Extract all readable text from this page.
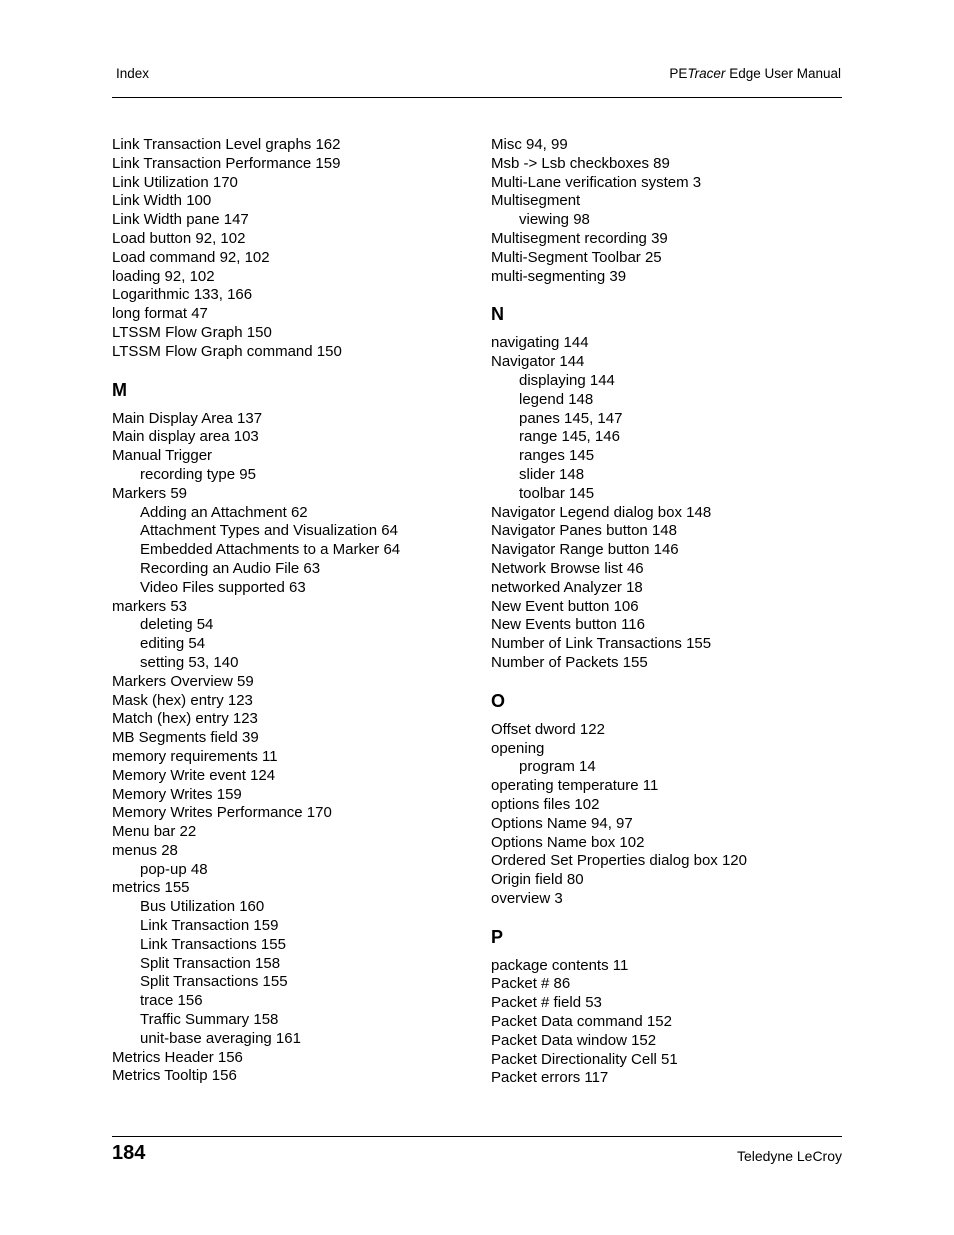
Index	PETracer Edge User Manual
Link Transaction Level graphs 162
Link Transaction Performance 159
Link Utilization 170
Link Width 100
Link Width pane 147
Load button 92, 102
Load command 92, 102
loading 92, 102
Logarithmic 133, 166
long format 47
LTSSM Flow Graph 150
LTSSM Flow Graph command 150
M
Main Display Area 137
Main display area 103
Manual Trigger
recording type 95
Markers 59
Adding an Attachment 62
Attachment Types and Visualization 64
Embedded Attachments to a Marker 64
Recording an Audio File 63
Video Files supported 63
markers 53
deleting 54
editing 54
setting 53, 140
Markers Overview 59
Mask (hex) entry 123
Match (hex) entry 123
MB Segments field 39
memory requirements 11
Memory Write event 124
Memory Writes 159
Memory Writes Performance 170
Menu bar 22
menus 28
pop-up 48
metrics 155
Bus Utilization 160
Link Transaction 159
Link Transactions 155
Split Transaction 158
Split Transactions 155
trace 156
Traffic Summary 158
unit-base averaging 161
Metrics Header 156
Metrics Tooltip 156
Misc 94, 99
Msb -> Lsb checkboxes 89
Multi-Lane verification system 3
Multisegment
viewing 98
Multisegment recording 39
Multi-Segment Toolbar 25
multi-segmenting 39
N
navigating 144
Navigator 144
displaying 144
legend 148
panes 145, 147
range 145, 146
ranges 145
slider 148
toolbar 145
Navigator Legend dialog box 148
Navigator Panes button 148
Navigator Range button 146
Network Browse list 46
networked Analyzer 18
New Event button 106
New Events button 116
Number of Link Transactions 155
Number of Packets 155
O
Offset dword 122
opening
program 14
operating temperature 11
options files 102
Options Name 94, 97
Options Name box 102
Ordered Set Properties dialog box 120
Origin field 80
overview 3
P
package contents 11
Packet # 86
Packet # field 53
Packet Data command 152
Packet Data window 152
Packet Directionality Cell 51
Packet errors 117
184	Teledyne LeCroy
